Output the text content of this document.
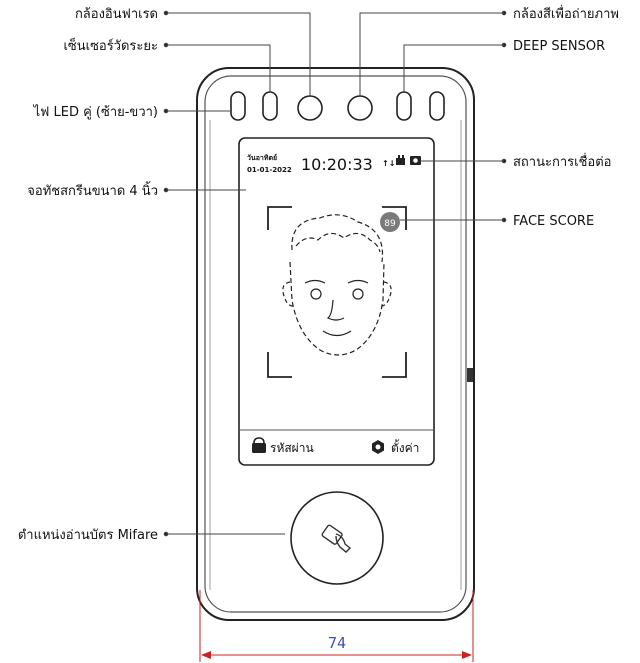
วันอาทิตย์
01-01-2022 10:20:33 ↑↓
89
รหัสผ่าน	ตั้งค่า
กล้องอินฟาเรด	กล้องสีเพื่อถ่ายภาพ
เซ็นเซอร์วัดระยะ	DEEP SENSOR
ไฟ LED คู่ (ซ้าย-ขวา)
สถานะการเชื่อต่อ
จอทัชสกรีนขนาด 4 นิ้ว
FACE SCORE
ตำแหน่งอ่านบัตร Mifare
74
